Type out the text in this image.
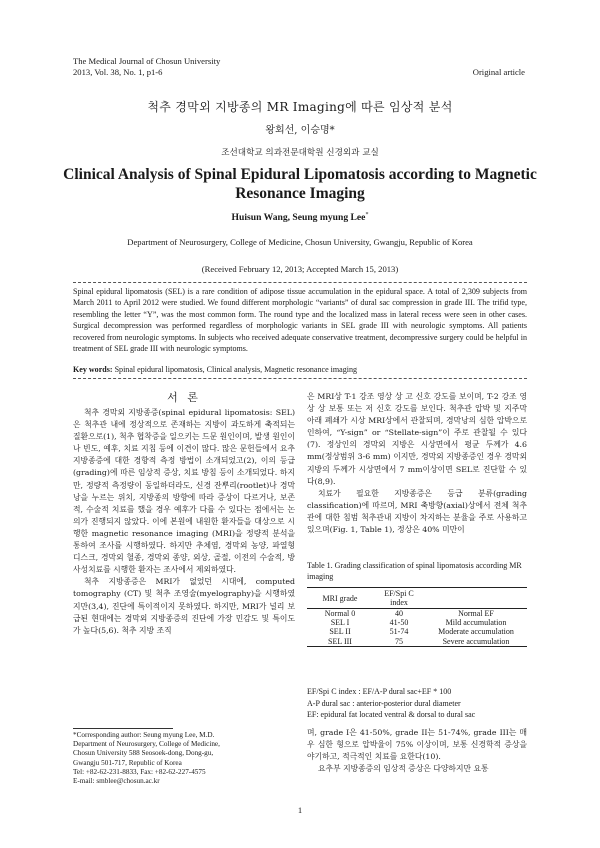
The Medical Journal of Chosun University
2013, Vol. 38, No. 1, p1-6	Original article
척추 경막외 지방종의 MR Imaging에 따른 임상적 분석
왕회선, 이승명*
조선대학교 의과전문대학원 신경외과 교실
Clinical Analysis of Spinal Epidural Lipomatosis according to Magnetic Resonance Imaging
Huisun Wang, Seung myung Lee*
Department of Neurosurgery, College of Medicine, Chosun University, Gwangju, Republic of Korea
(Received February 12, 2013; Accepted March 15, 2013)
Spinal epidural lipomatosis (SEL) is a rare condition of adipose tissue accumulation in the epidural space. A total of 2,309 subjects from March 2011 to April 2012 were studied. We found different morphologic “variants” of dural sac compression in grade III. The trifid type, resembling the letter “Y”, was the most common form. The round type and the localized mass in lateral recess were seen in other cases. Surgical decompression was performed regardless of morphologic variants in SEL grade III with neurologic symptoms. All patients recovered from neurologic symptoms. In subjects who received adequate conservative treatment, decompressive surgery could be helpful in treatment of SEL grade III with neurologic symptoms.
Key words: Spinal epidural lipomatosis, Clinical analysis, Magnetic resonance imaging
서 론

척추 경막외 지방종증(spinal epidural lipomatosis: SEL)은 척추관 내에 정상적으로 존재하는 지방이 과도하게 축적되는 질환으로(1), 척추 협착증을 일으키는 드문 원인이며, 발생 원인이나 빈도, 예후, 치료 지침 등에 이견이 많다. 많은 문헌들에서 요추 지방종증에 대한 경향적 측정 방법이 소개되었고(2), 이의 등급(grading)에 따른 임상적 증상, 치료 방침 등이 소개되었다. 하지만, 정량적 측정량이 동일하더라도, 신경 잔뿌리(rootlet)나 경막낭을 누르는 위치, 지방종의 방향에 따라 증상이 다르거나, 보존적, 수술적 치료를 했을 경우 예후가 다를 수 있다는 점에서는 논의가 진행되지 않았다. 이에 본원에 내원한 환자들을 대상으로 시행한 magnetic resonance imaging (MRI)을 정량적 분석을 통하여 조사를 시행하였다. 하지만 추체염, 경막외 농양, 파열형 디스크, 경막외 혈종, 경막외 종양, 외상, 골절, 이전의 수술적, 방사성치료를 시행한 환자는 조사에서 제외하였다.

척추 지방종증은 MRI가 없었던 시대에, computed tomography (CT) 및 척추 조영술(myelography)을 시행하였지만(3,4), 진단에 특이적이지 못하였다. 하지만, MRI가 널리 보급된 현대에는 경막외 지방종증의 진단에 가장 민감도 및 특이도가 높다(5,6). 척추 지방 조직

*Corresponding author: Seung myung Lee, M.D.
Department of Neurosurgery, College of Medicine,
Chosun University 588 Seosoek-dong, Dong-gu,
Gwangju 501-717, Republic of Korea
Tel: +82-62-231-8833, Fax: +82-62-227-4575
E-mail: smblee@chosun.ac.kr

은 MRI상 T-1 강조 영상 상 고 신호 강도를 보이며, T-2 강조 영상 상 보통 또는 저 신호 강도를 보인다. 척추관 압박 및 지주막 아래 폐쇄가 시상 MRI상에서 관찰되며, 경막낭의 심한 압박으로 인하여, “Y-sign” or “Stellate-sign”이 주로 관찰될 수 있다(7). 정상인의 경막외 지방은 시상면에서 평균 두께가 4.6 mm(정상범위 3-6 mm) 이지만, 경막외 지방종증인 경우 경막외 지방의 두께가 시상면에서 7 mm이상이면 SEL로 진단할 수 있다(8,9).

치료가 필요한 지방종증은 등급 분류(grading classification)에 따르며, MRI 축방향(axial)상에서 전체 척추관에 대한 침범 척추관내 지방이 차지하는 분율을 주로 사용하고 있으며(Fig. 1, Table 1), 정상은 40% 미만이

Table 1. Grading classification of spinal lipomatosis according MR imaging
MRI grade	EF/Spi C index	
Normal 0	40	Normal EF
SEL I	41-50	Mild accumulation
SEL II	51-74	Moderate accumulation
SEL III	75	Severe accumulation
EF/Spi C index : EF/A-P dural sac+EF * 100
A-P dural sac : anterior-posterior dural diameter
EF: epidural fat located ventral & dorsal to dural sac

며, grade I은 41-50%, grade II는 51-74%, grade III는 매우 심한 형으로 압박율이 75% 이상이며, 보통 신경학적 증상을 야기하고, 적극적인 치료를 요한다(10).

요추부 지방종증의 임상적 증상은 다양하지만 요통

1
